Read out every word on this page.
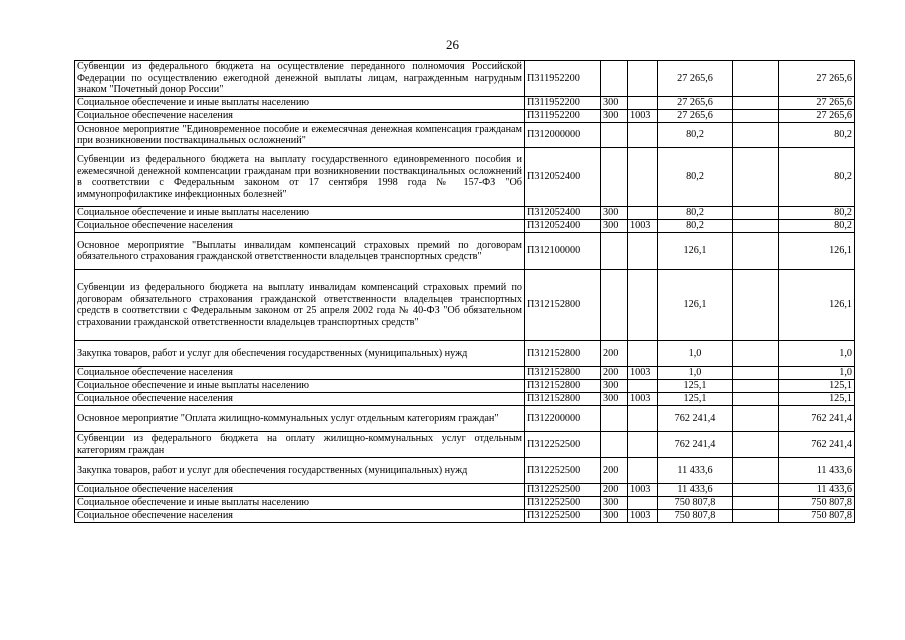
26
Субвенции из федерального бюджета на осуществление переданного полномочия Российской Федерации по осуществлению ежегодной денежной выплаты лицам, награжденным нагрудным знаком "Почетный донор России"	П311952200			27 265,6		27 265,6
Социальное обеспечение и иные выплаты населению	П311952200	300		27 265,6		27 265,6
Социальное обеспечение населения	П311952200	300	1003	27 265,6		27 265,6
Основное мероприятие "Единовременное пособие и ежемесячная денежная компенсация гражданам при возникновении поствакцинальных осложнений"	П312000000			80,2		80,2
Субвенции из федерального бюджета на выплату государственного единовременного пособия и ежемесячной денежной компенсации гражданам при возникновении поствакцинальных осложнений в соответствии с Федеральным законом от 17 сентября 1998 года № 157-ФЗ "Об иммунопрофилактике инфекционных болезней"	П312052400			80,2		80,2
Социальное обеспечение и иные выплаты населению	П312052400	300		80,2		80,2
Социальное обеспечение населения	П312052400	300	1003	80,2		80,2
Основное мероприятие "Выплаты инвалидам компенсаций страховых премий по договорам обязательного страхования гражданской ответственности владельцев транспортных средств"	П312100000			126,1		126,1
Субвенции из федерального бюджета на выплату инвалидам компенсаций страховых премий по договорам обязательного страхования гражданской ответственности владельцев транспортных средств в соответствии с Федеральным законом от 25 апреля 2002 года № 40-ФЗ "Об обязательном страховании гражданской ответственности владельцев транспортных средств"	П312152800			126,1		126,1
Закупка товаров, работ и услуг для обеспечения государственных (муниципальных) нужд	П312152800	200		1,0		1,0
Социальное обеспечение населения	П312152800	200	1003	1,0		1,0
Социальное обеспечение и иные выплаты населению	П312152800	300		125,1		125,1
Социальное обеспечение населения	П312152800	300	1003	125,1		125,1
Основное мероприятие "Оплата жилищно-коммунальных услуг отдельным категориям граждан"	П312200000			762 241,4		762 241,4
Субвенции из федерального бюджета на оплату жилищно-коммунальных услуг отдельным категориям граждан	П312252500			762 241,4		762 241,4
Закупка товаров, работ и услуг для обеспечения государственных (муниципальных) нужд	П312252500	200		11 433,6		11 433,6
Социальное обеспечение населения	П312252500	200	1003	11 433,6		11 433,6
Социальное обеспечение и иные выплаты населению	П312252500	300		750 807,8		750 807,8
Социальное обеспечение населения	П312252500	300	1003	750 807,8		750 807,8
